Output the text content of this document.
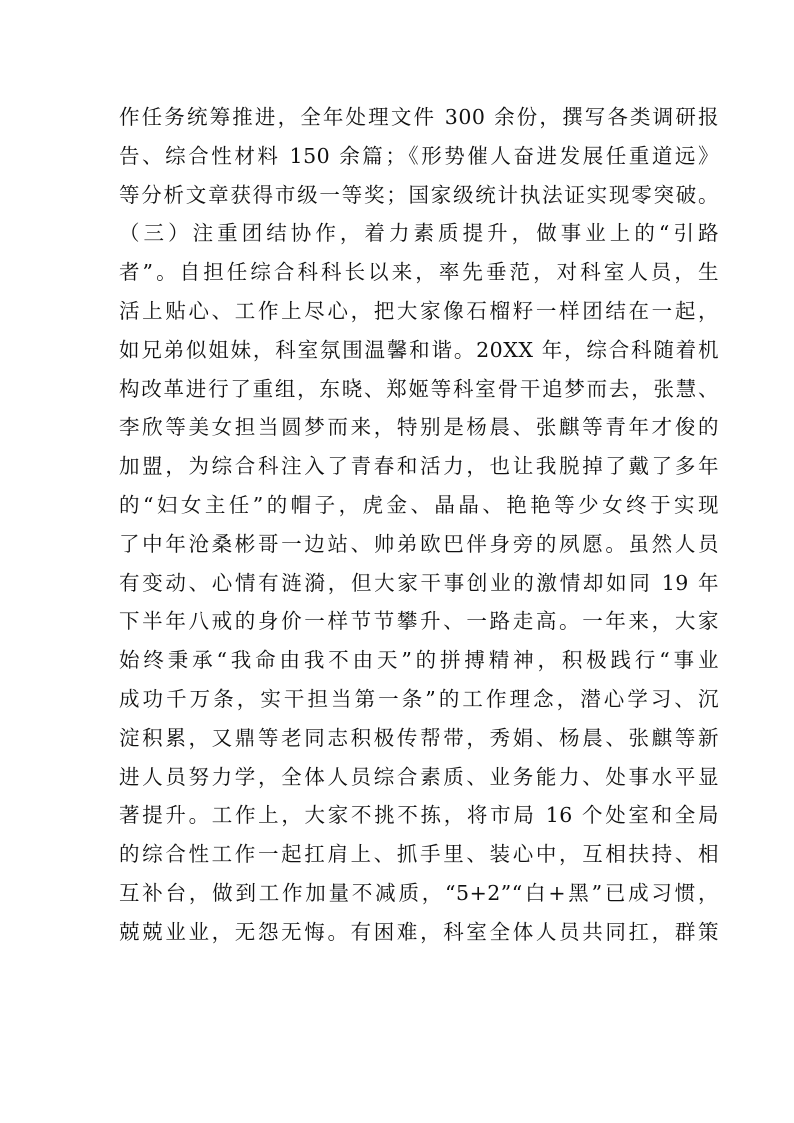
作任务统筹推进，全年处理文件 300 余份，撰写各类调研报
告、综合性材料 150 余篇；《形势催人奋进发展任重道远》
等分析文章获得市级一等奖；国家级统计执法证实现零突破。
（三）注重团结协作，着力素质提升，做事业上的“引路
者”。自担任综合科科长以来，率先垂范，对科室人员，生
活上贴心、工作上尽心，把大家像石榴籽一样团结在一起，
如兄弟似姐妹，科室氛围温馨和谐。20XX 年，综合科随着机
构改革进行了重组，东晓、郑姬等科室骨干追梦而去，张慧、
李欣等美女担当圆梦而来，特别是杨晨、张麒等青年才俊的
加盟，为综合科注入了青春和活力，也让我脱掉了戴了多年
的“妇女主任”的帽子，虎金、晶晶、艳艳等少女终于实现
了中年沧桑彬哥一边站、帅弟欧巴伴身旁的夙愿。虽然人员
有变动、心情有涟漪，但大家干事创业的激情却如同 19 年
下半年八戒的身价一样节节攀升、一路走高。一年来，大家
始终秉承“我命由我不由天”的拼搏精神，积极践行“事业
成功千万条，实干担当第一条”的工作理念，潜心学习、沉
淀积累，又鼎等老同志积极传帮带，秀娟、杨晨、张麒等新
进人员努力学，全体人员综合素质、业务能力、处事水平显
著提升。工作上，大家不挑不拣，将市局 16 个处室和全局
的综合性工作一起扛肩上、抓手里、装心中，互相扶持、相
互补台，做到工作加量不减质，“5+2”“白+黑”已成习惯，
兢兢业业，无怨无悔。有困难，科室全体人员共同扛，群策
